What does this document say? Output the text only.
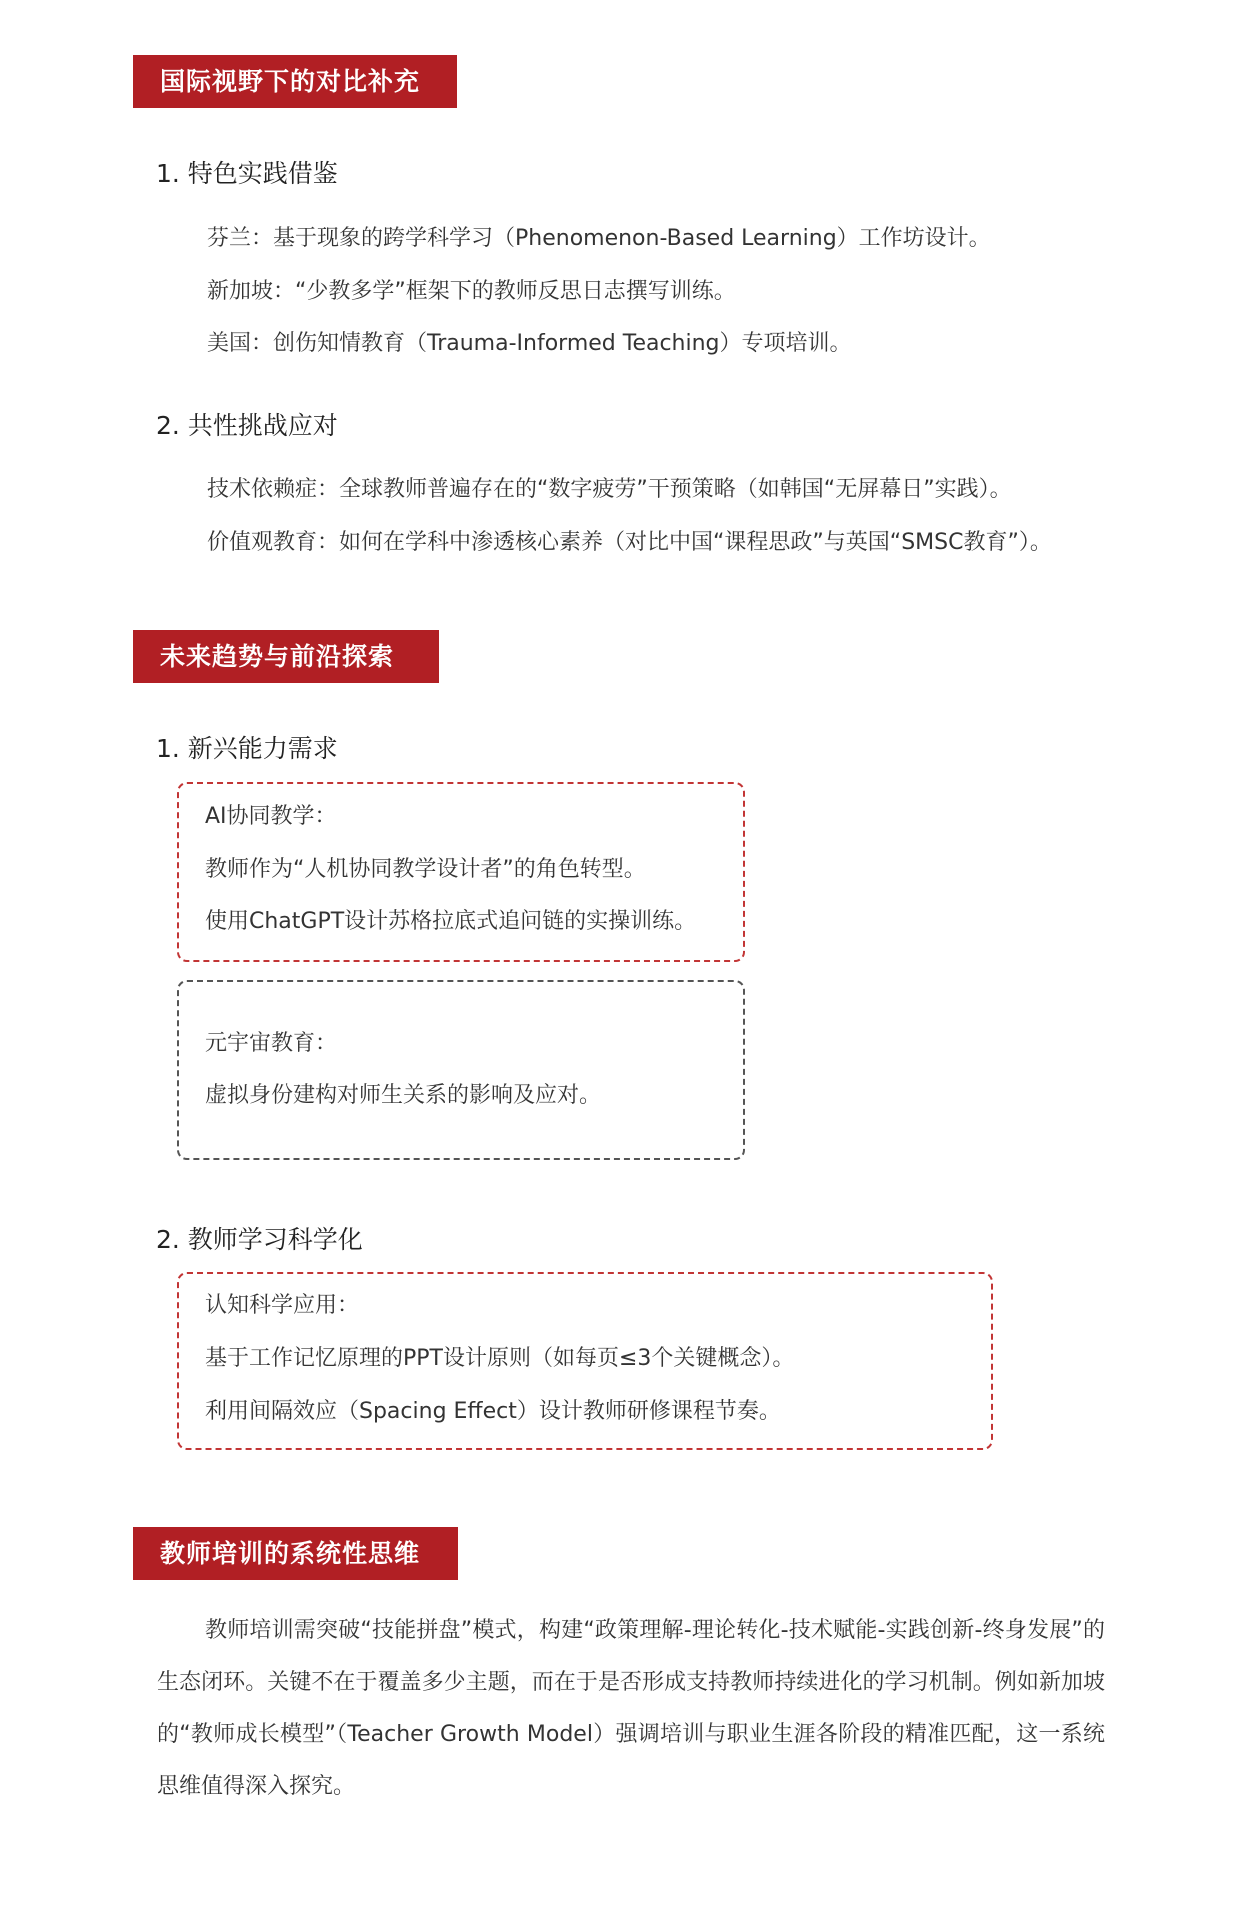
国际视野下的对比补充
1. 特色实践借鉴
芬兰：基于现象的跨学科学习（Phenomenon-Based Learning）工作坊设计。
新加坡：“少教多学”框架下的教师反思日志撰写训练。
美国：创伤知情教育（Trauma-Informed Teaching）专项培训。
2. 共性挑战应对
技术依赖症：全球教师普遍存在的“数字疲劳”干预策略（如韩国“无屏幕日”实践）。
价值观教育：如何在学科中渗透核心素养（对比中国“课程思政”与英国“SMSC教育”）。
未来趋势与前沿探索
1. 新兴能力需求
AI协同教学：
教师作为“人机协同教学设计者”的角色转型。
使用ChatGPT设计苏格拉底式追问链的实操训练。
元宇宙教育：
虚拟身份建构对师生关系的影响及应对。
2. 教师学习科学化
认知科学应用：
基于工作记忆原理的PPT设计原则（如每页≤3个关键概念）。
利用间隔效应（Spacing Effect）设计教师研修课程节奏。
教师培训的系统性思维
教师培训需突破“技能拼盘”模式，构建“政策理解-理论转化-技术赋能-实践创新-终身发展”的生态闭环。关键不在于覆盖多少主题，而在于是否形成支持教师持续进化的学习机制。例如新加坡的“教师成长模型”（Teacher Growth Model）强调培训与职业生涯各阶段的精准匹配，这一系统思维值得深入探究。
